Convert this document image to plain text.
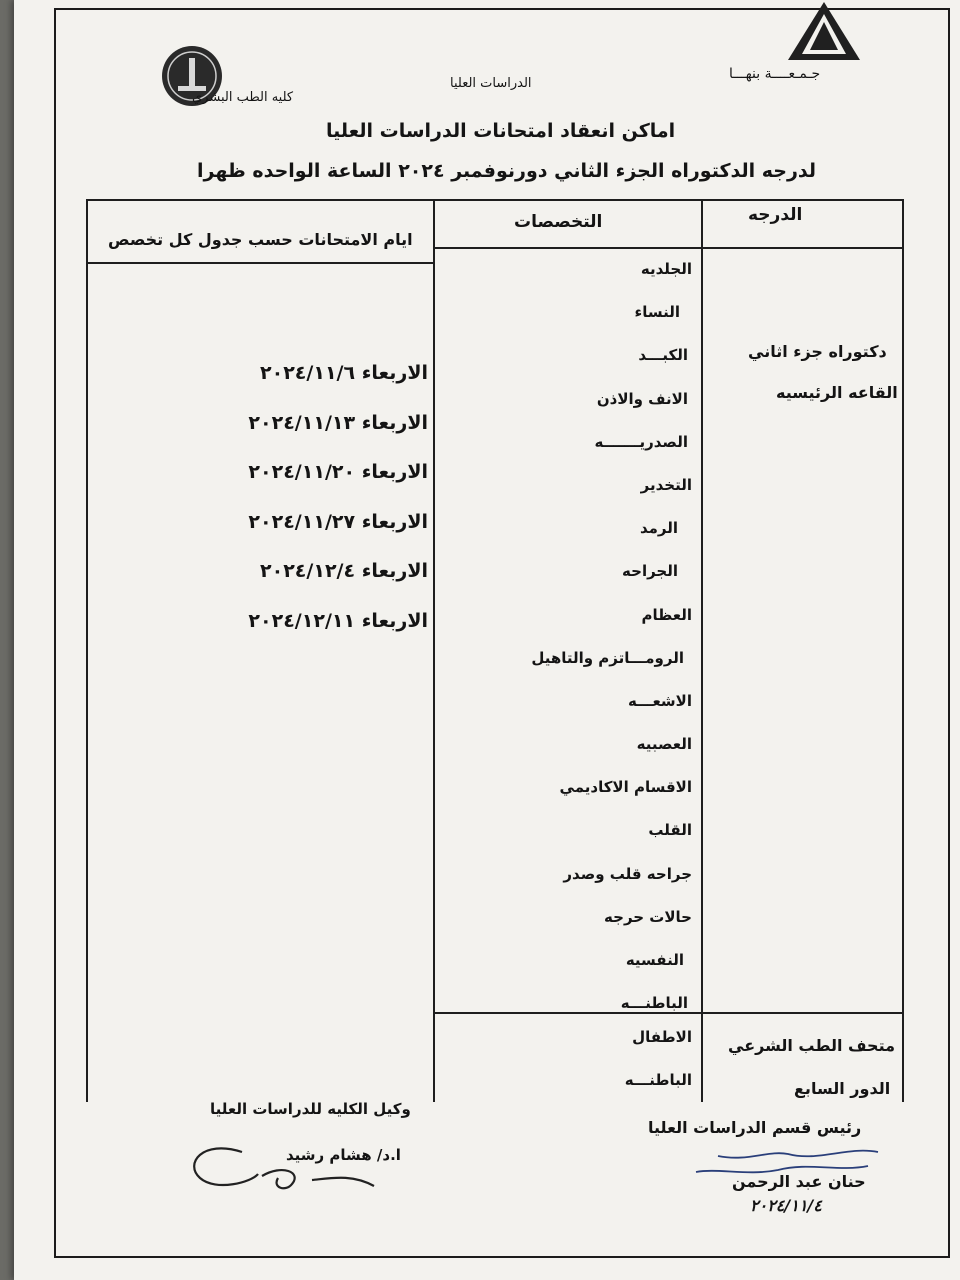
جـمـعــــة بنهـــا
الدراسات العليا
كليه الطب البشري
اماكن انعقاد امتحانات الدراسات العليا
لدرجه الدكتوراه الجزء الثاني دورنوفمبر ٢٠٢٤ الساعة الواحده ظهرا
الدرجه
التخصصات
ايام الامتحانات حسب جدول كل تخصص
دكتوراه جزء اثاني
القاعه الرئيسيه
الجلديه
النساء
الكبـــد
الانف والاذن
الصدريـــــــه
التخدير
الرمد
الجراحه
العظام
الرومـــاتزم والتاهيل
الاشعـــه
العصبيه
الاقسام الاكاديمي
القلب
جراحه قلب وصدر
حالات حرجه
النفسيه
الباطنـــه
الاربعاء ٢٠٢٤/١١/٦
الاربعاء ٢٠٢٤/١١/١٣
الاربعاء ٢٠٢٤/١١/٢٠
الاربعاء ٢٠٢٤/١١/٢٧
الاربعاء ٢٠٢٤/١٢/٤
الاربعاء ٢٠٢٤/١٢/١١
متحف الطب الشرعي
الدور السابع
الاطفال
الباطنـــه
وكيل الكليه للدراسات العليا
ا.د/ هشام رشيد
رئيس قسم الدراسات العليا
حنان عبد الرحمن
٢٠٢٤/١١/٤
